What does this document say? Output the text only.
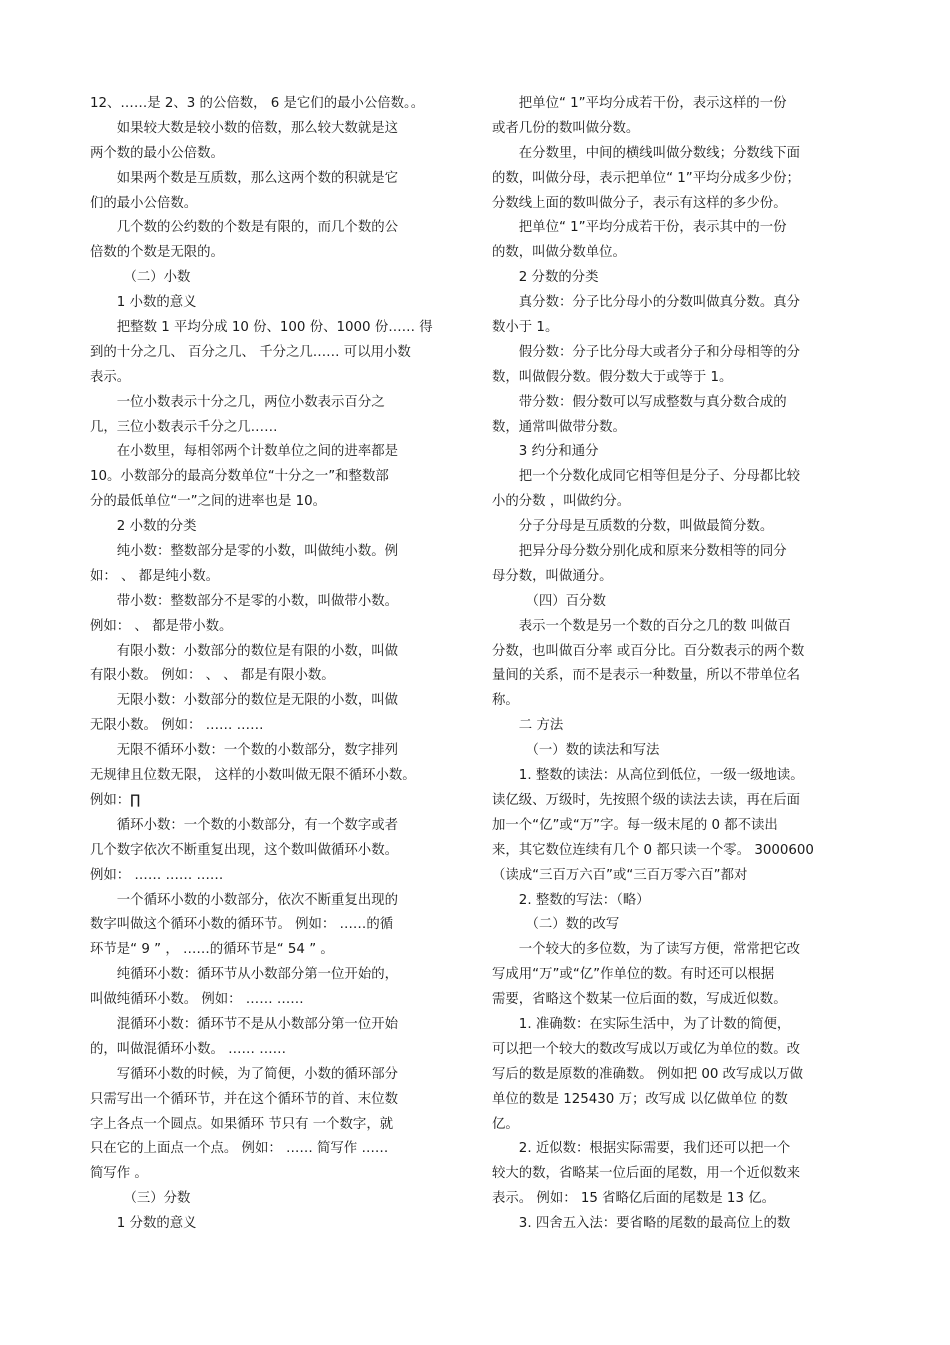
12、……是 2、3 的公倍数， 6 是它们的最小公倍数。。
如果较大数是较小数的倍数，那么较大数就是这
两个数的最小公倍数。
如果两个数是互质数，那么这两个数的积就是它
们的最小公倍数。
几个数的公约数的个数是有限的，而几个数的公
倍数的个数是无限的。
（二）小数
1 小数的意义
把整数 1 平均分成 10 份、100 份、1000 份…… 得
到的十分之几、 百分之几、 千分之几…… 可以用小数
表示。
一位小数表示十分之几，两位小数表示百分之
几，三位小数表示千分之几……
在小数里，每相邻两个计数单位之间的进率都是
10。小数部分的最高分数单位“十分之一”和整数部
分的最低单位“一”之间的进率也是 10。
2 小数的分类
纯小数：整数部分是零的小数，叫做纯小数。例
如： 、 都是纯小数。
带小数：整数部分不是零的小数，叫做带小数。
例如： 、 都是带小数。
有限小数：小数部分的数位是有限的小数，叫做
有限小数。 例如： 、 、 都是有限小数。
无限小数：小数部分的数位是无限的小数，叫做
无限小数。 例如： …… ……
无限不循环小数：一个数的小数部分，数字排列
无规律且位数无限， 这样的小数叫做无限不循环小数。
例如：∏
循环小数：一个数的小数部分，有一个数字或者
几个数字依次不断重复出现，这个数叫做循环小数。
例如： …… …… ……
一个循环小数的小数部分，依次不断重复出现的
数字叫做这个循环小数的循环节。 例如： ……的循
环节是“ 9 ” ， ……的循环节是“ 54 ” 。
纯循环小数：循环节从小数部分第一位开始的，
叫做纯循环小数。 例如： …… ……
混循环小数：循环节不是从小数部分第一位开始
的，叫做混循环小数。 …… ……
写循环小数的时候，为了简便，小数的循环部分
只需写出一个循环节，并在这个循环节的首、末位数
字上各点一个圆点。如果循环 节只有 一个数字，就
只在它的上面点一个点。 例如： …… 简写作 ……
简写作 。
（三）分数
1 分数的意义
把单位“ 1”平均分成若干份，表示这样的一份
或者几份的数叫做分数。
在分数里，中间的横线叫做分数线；分数线下面
的数，叫做分母，表示把单位“ 1”平均分成多少份；
分数线上面的数叫做分子，表示有这样的多少份。
把单位“ 1”平均分成若干份，表示其中的一份
的数，叫做分数单位。
2 分数的分类
真分数：分子比分母小的分数叫做真分数。真分
数小于 1。
假分数：分子比分母大或者分子和分母相等的分
数，叫做假分数。假分数大于或等于 1。
带分数：假分数可以写成整数与真分数合成的
数，通常叫做带分数。
3 约分和通分
把一个分数化成同它相等但是分子、分母都比较
小的分数 ，叫做约分。
分子分母是互质数的分数，叫做最简分数。
把异分母分数分别化成和原来分数相等的同分
母分数，叫做通分。
（四）百分数
表示一个数是另一个数的百分之几的数 叫做百
分数，也叫做百分率 或百分比。百分数表示的两个数
量间的关系，而不是表示一种数量，所以不带单位名
称。
二 方法
（一）数的读法和写法
1. 整数的读法：从高位到低位，一级一级地读。
读亿级、万级时，先按照个级的读法去读，再在后面
加一个“亿”或“万”字。每一级末尾的 0 都不读出
来，其它数位连续有几个 0 都只读一个零。 3000600
（读成“三百万六百”或“三百万零六百”都对
2. 整数的写法：（略）
（二）数的改写
一个较大的多位数，为了读写方便，常常把它改
写成用“万”或“亿”作单位的数。有时还可以根据
需要，省略这个数某一位后面的数，写成近似数。
1. 准确数：在实际生活中，为了计数的简便，
可以把一个较大的数改写成以万或亿为单位的数。改
写后的数是原数的准确数。 例如把 00 改写成以万做
单位的数是 125430 万；改写成 以亿做单位 的数
亿。
2. 近似数：根据实际需要，我们还可以把一个
较大的数，省略某一位后面的尾数，用一个近似数来
表示。 例如： 15 省略亿后面的尾数是 13 亿。
3. 四舍五入法：要省略的尾数的最高位上的数
